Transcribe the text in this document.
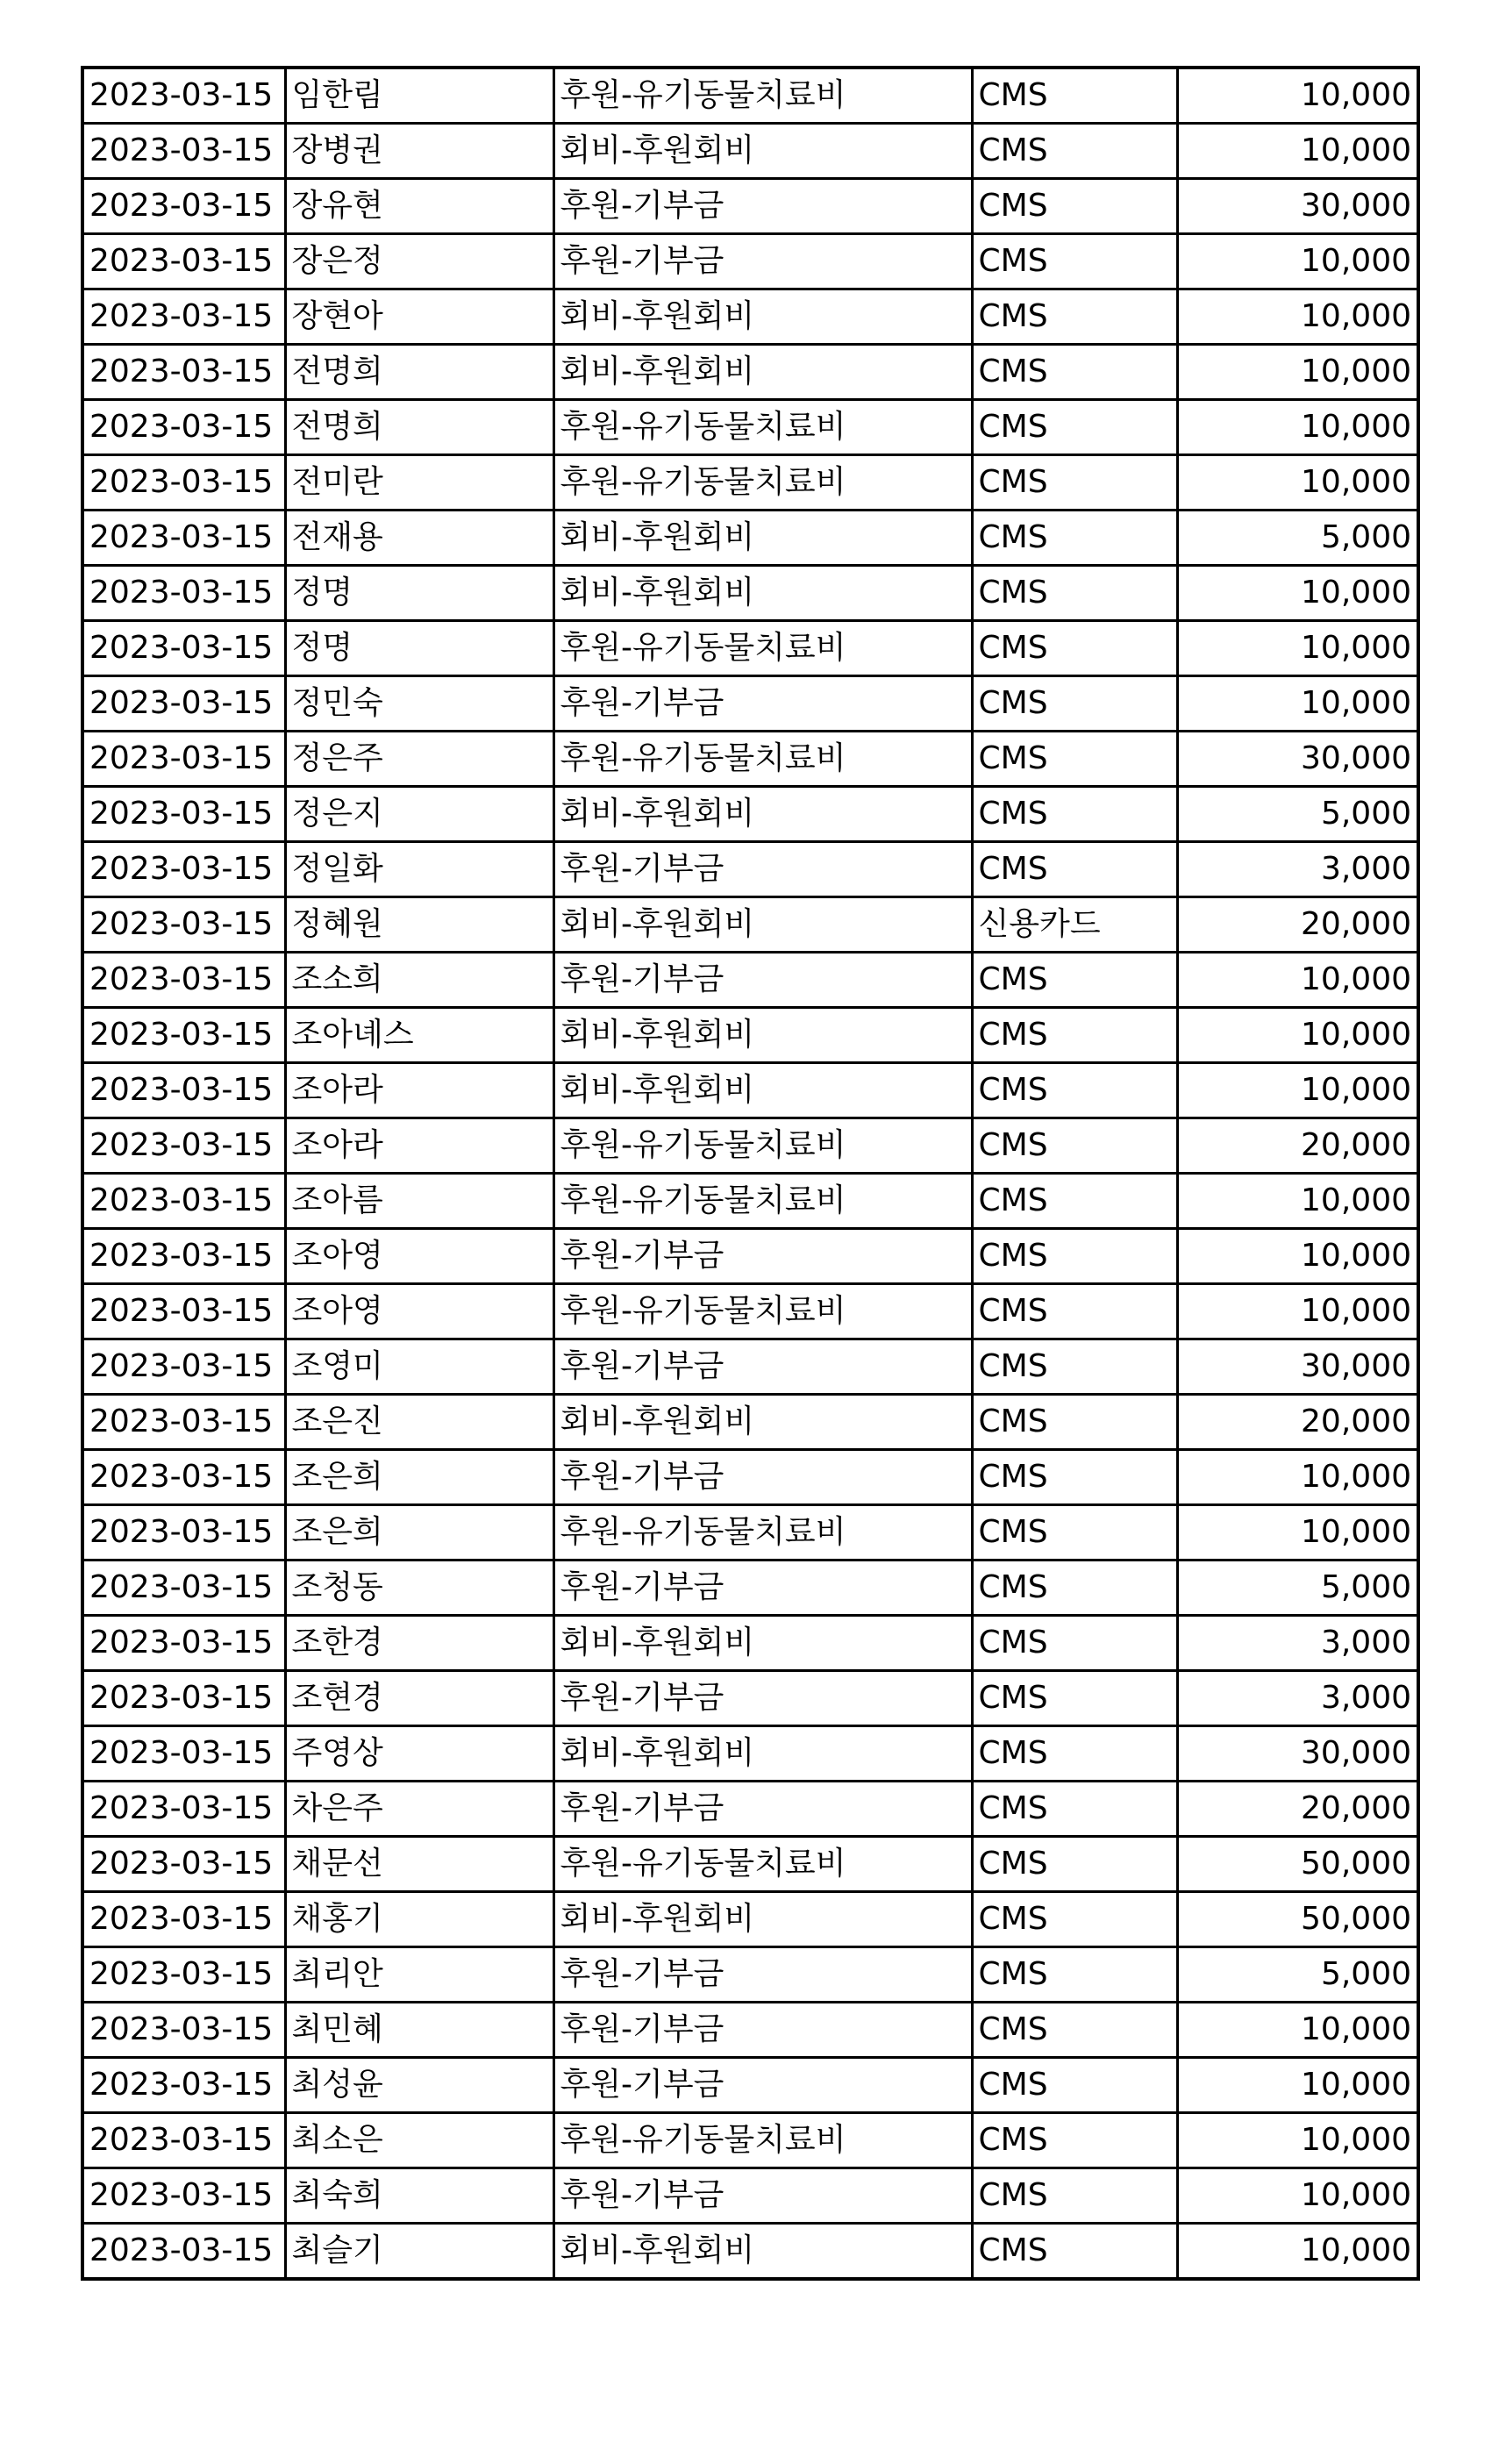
2023-03-15	임한림	후원-유기동물치료비	CMS	10,000
2023-03-15	장병권	회비-후원회비	CMS	10,000
2023-03-15	장유현	후원-기부금	CMS	30,000
2023-03-15	장은정	후원-기부금	CMS	10,000
2023-03-15	장현아	회비-후원회비	CMS	10,000
2023-03-15	전명희	회비-후원회비	CMS	10,000
2023-03-15	전명희	후원-유기동물치료비	CMS	10,000
2023-03-15	전미란	후원-유기동물치료비	CMS	10,000
2023-03-15	전재용	회비-후원회비	CMS	5,000
2023-03-15	정명	회비-후원회비	CMS	10,000
2023-03-15	정명	후원-유기동물치료비	CMS	10,000
2023-03-15	정민숙	후원-기부금	CMS	10,000
2023-03-15	정은주	후원-유기동물치료비	CMS	30,000
2023-03-15	정은지	회비-후원회비	CMS	5,000
2023-03-15	정일화	후원-기부금	CMS	3,000
2023-03-15	정혜원	회비-후원회비	신용카드	20,000
2023-03-15	조소희	후원-기부금	CMS	10,000
2023-03-15	조아녜스	회비-후원회비	CMS	10,000
2023-03-15	조아라	회비-후원회비	CMS	10,000
2023-03-15	조아라	후원-유기동물치료비	CMS	20,000
2023-03-15	조아름	후원-유기동물치료비	CMS	10,000
2023-03-15	조아영	후원-기부금	CMS	10,000
2023-03-15	조아영	후원-유기동물치료비	CMS	10,000
2023-03-15	조영미	후원-기부금	CMS	30,000
2023-03-15	조은진	회비-후원회비	CMS	20,000
2023-03-15	조은희	후원-기부금	CMS	10,000
2023-03-15	조은희	후원-유기동물치료비	CMS	10,000
2023-03-15	조청동	후원-기부금	CMS	5,000
2023-03-15	조한경	회비-후원회비	CMS	3,000
2023-03-15	조현경	후원-기부금	CMS	3,000
2023-03-15	주영상	회비-후원회비	CMS	30,000
2023-03-15	차은주	후원-기부금	CMS	20,000
2023-03-15	채문선	후원-유기동물치료비	CMS	50,000
2023-03-15	채홍기	회비-후원회비	CMS	50,000
2023-03-15	최리안	후원-기부금	CMS	5,000
2023-03-15	최민혜	후원-기부금	CMS	10,000
2023-03-15	최성윤	후원-기부금	CMS	10,000
2023-03-15	최소은	후원-유기동물치료비	CMS	10,000
2023-03-15	최숙희	후원-기부금	CMS	10,000
2023-03-15	최슬기	회비-후원회비	CMS	10,000
